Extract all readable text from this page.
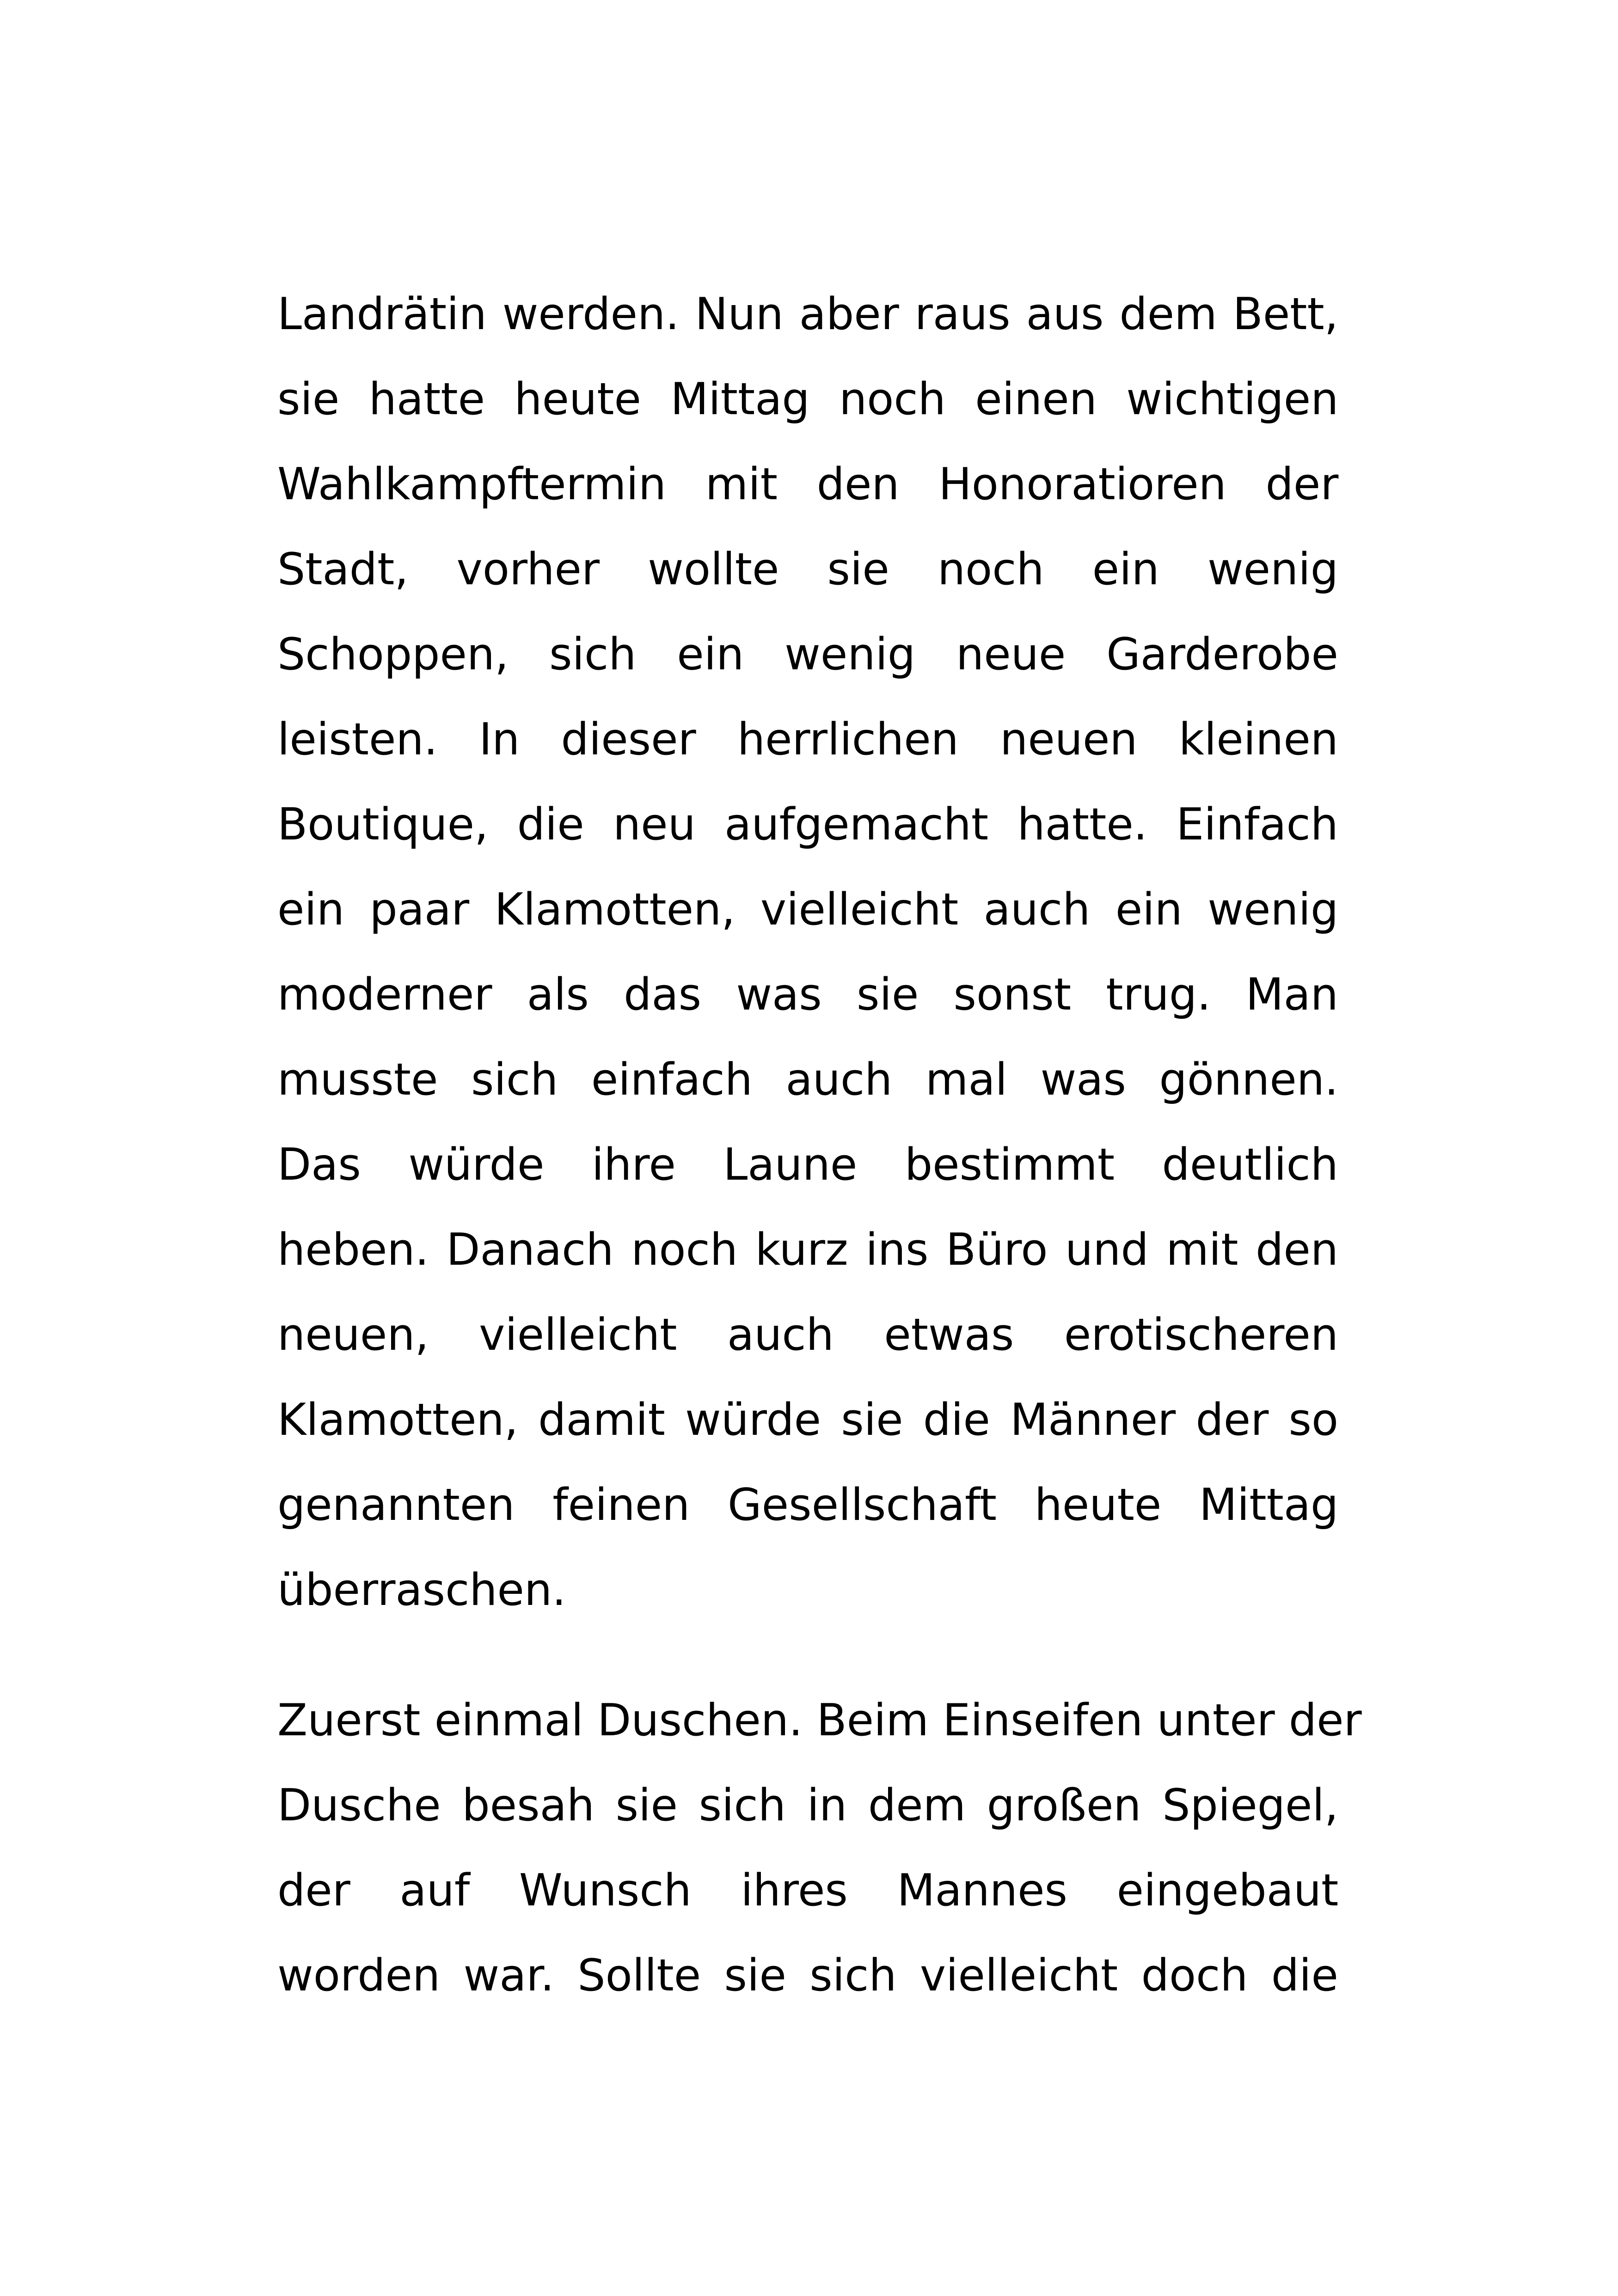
Landrätin werden. Nun aber raus aus dem Bett,
sie hatte heute Mittag noch einen wichtigen
Wahlkampftermin mit den Honoratioren der
Stadt, vorher wollte sie noch ein wenig
Schoppen, sich ein wenig neue Garderobe
leisten. In dieser herrlichen neuen kleinen
Boutique, die neu aufgemacht hatte. Einfach
ein paar Klamotten, vielleicht auch ein wenig
moderner als das was sie sonst trug. Man
musste sich einfach auch mal was gönnen.
Das würde ihre Laune bestimmt deutlich
heben. Danach noch kurz ins Büro und mit den
neuen, vielleicht auch etwas erotischeren
Klamotten, damit würde sie die Männer der so
genannten feinen Gesellschaft heute Mittag
überraschen.
Zuerst einmal Duschen. Beim Einseifen unter der
Dusche besah sie sich in dem großen Spiegel,
der auf Wunsch ihres Mannes eingebaut
worden war. Sollte sie sich vielleicht doch die
